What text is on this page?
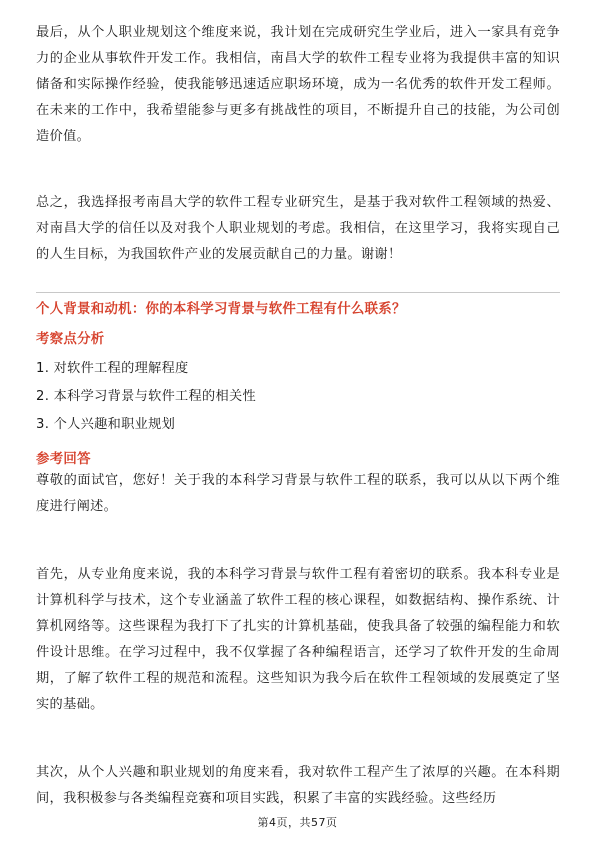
最后，从个人职业规划这个维度来说，我计划在完成研究生学业后，进入一家具有竞争力的企业从事软件开发工作。我相信，南昌大学的软件工程专业将为我提供丰富的知识储备和实际操作经验，使我能够迅速适应职场环境，成为一名优秀的软件开发工程师。在未来的工作中，我希望能参与更多有挑战性的项目，不断提升自己的技能，为公司创造价值。

总之，我选择报考南昌大学的软件工程专业研究生，是基于我对软件工程领域的热爱、对南昌大学的信任以及对我个人职业规划的考虑。我相信，在这里学习，我将实现自己的人生目标，为我国软件产业的发展贡献自己的力量。谢谢！

个人背景和动机：你的本科学习背景与软件工程有什么联系？

考察点分析

1. 对软件工程的理解程度
2. 本科学习背景与软件工程的相关性
3. 个人兴趣和职业规划

参考回答

尊敬的面试官，您好！关于我的本科学习背景与软件工程的联系，我可以从以下两个维度进行阐述。

首先，从专业角度来说，我的本科学习背景与软件工程有着密切的联系。我本科专业是计算机科学与技术，这个专业涵盖了软件工程的核心课程，如数据结构、操作系统、计算机网络等。这些课程为我打下了扎实的计算机基础，使我具备了较强的编程能力和软件设计思维。在学习过程中，我不仅掌握了各种编程语言，还学习了软件开发的生命周期，了解了软件工程的规范和流程。这些知识为我今后在软件工程领域的发展奠定了坚实的基础。

其次，从个人兴趣和职业规划的角度来看，我对软件工程产生了浓厚的兴趣。在本科期间，我积极参与各类编程竞赛和项目实践，积累了丰富的实践经验。这些经历

第4页，共57页
